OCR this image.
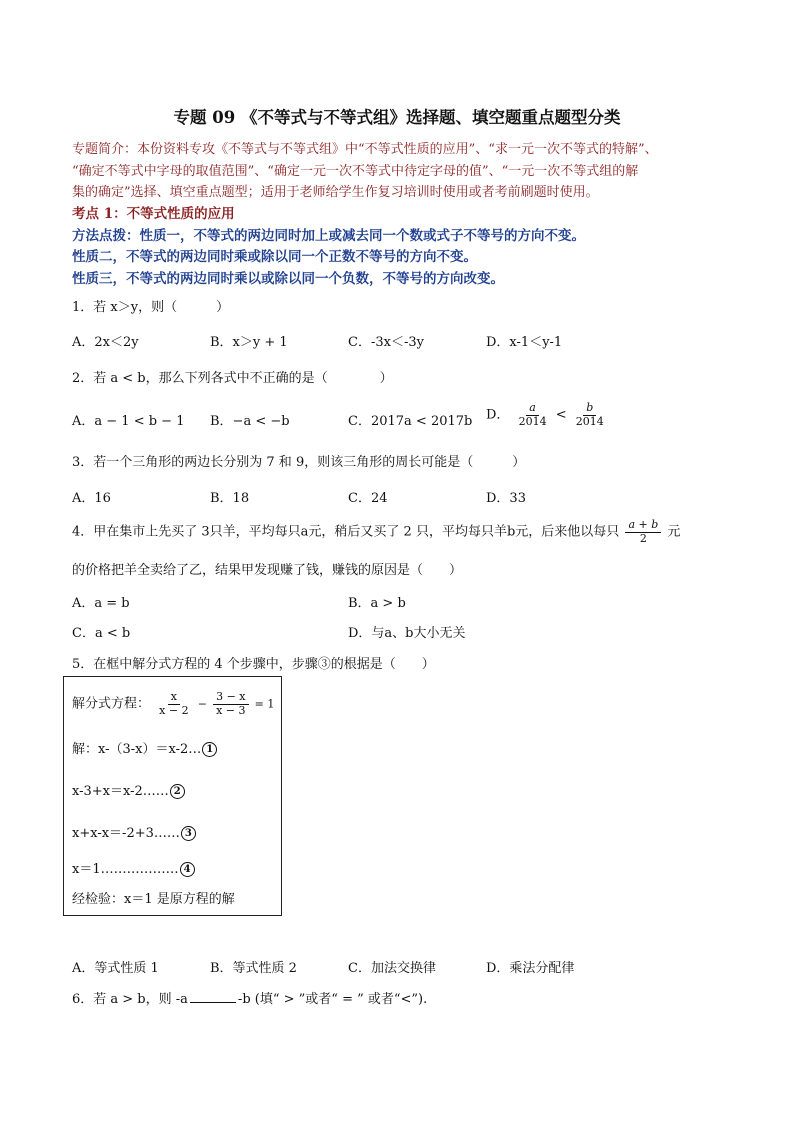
专题 09 《不等式与不等式组》选择题、填空题重点题型分类
专题简介：本份资料专攻《不等式与不等式组》中“不等式性质的应用”、“求一元一次不等式的特解”、
“确定不等式中字母的取值范围”、“确定一元一次不等式中待定字母的值”、“一元一次不等式组的解
集的确定”选择、填空重点题型；适用于老师给学生作复习培训时使用或者考前刷题时使用。
考点 1：不等式性质的应用
方法点拨：性质一，不等式的两边同时加上或减去同一个数或式子不等号的方向不变。
性质二，不等式的两边同时乘或除以同一个正数不等号的方向不变。
性质三，不等式的两边同时乘以或除以同一个负数，不等号的方向改变。
1．若 x＞y，则（　　　）
A．2x＜2y	B．x＞y + 1	C．-3x＜-3y	D．x-1＜y-1
2．若 a < b，那么下列各式中不正确的是（　　　　）
A．a − 1 < b − 1 B．−a < −b	C．2017a < 2017b D． $\frac{a}{2014} < \frac{b}{2014}$
3．若一个三角形的两边长分别为 7 和 9，则该三角形的周长可能是（　　　）
A．16	B．18	C．24	D．33
4．甲在集市上先买了 3只羊，平均每只a元，稍后又买了 2 只，平均每只羊b元，后来他以每只 $\frac{a + b}{2}$ 元
的价格把羊全卖给了乙，结果甲发现赚了钱，赚钱的原因是（　　）
A．a = b	B．a > b
C．a < b	D．与a、b大小无关
5．在框中解分式方程的 4 个步骤中，步骤③的根据是（　　）
解分式方程： $\frac{x}{x - 2} - \frac{3 - x}{x - 3} = 1$
解：x-（3-x）＝x-2… 1
x-3+x＝x-2…… 2
x+x-x＝-2+3…… 3
x＝1……………… 4
经检验：x＝1 是原方程的解
A．等式性质 1	B．等式性质 2	C．加法交换律	D．乘法分配律
6．若 a > b，则 -a	-b (填“ > ”或者“ = ” 或者“<”).
